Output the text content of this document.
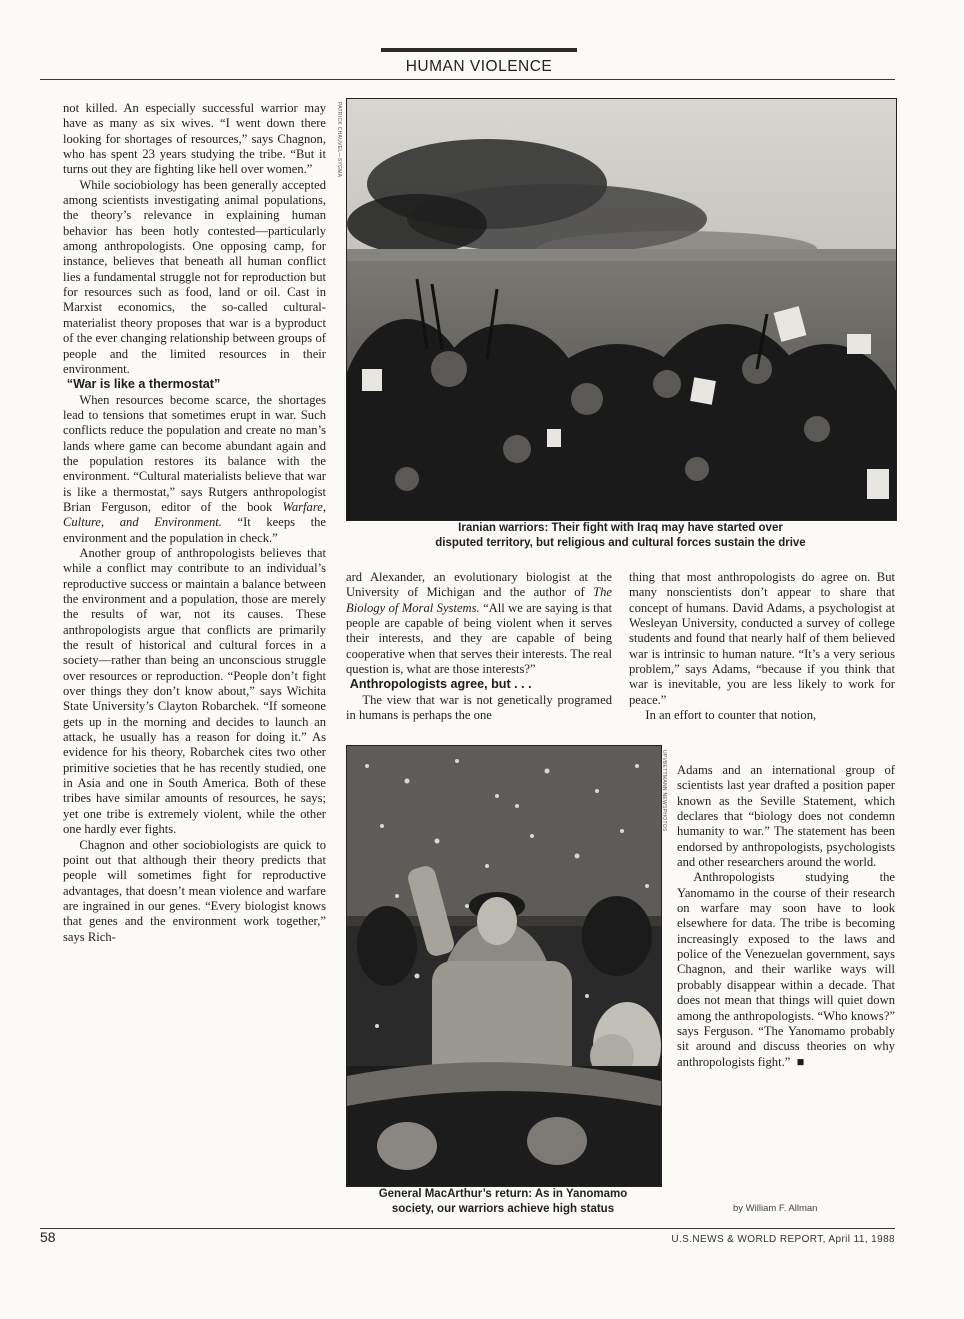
HUMAN VIOLENCE

not killed. An especially successful warrior may have as many as six wives. “I went down there looking for shortages of resources,” says Chagnon, who has spent 23 years studying the tribe. “But it turns out they are fighting like hell over women.”

While sociobiology has been generally accepted among scientists investigating animal populations, the theory’s relevance in explaining human behavior has been hotly contested—particularly among anthropologists. One opposing camp, for instance, believes that beneath all human conflict lies a fundamental struggle not for reproduction but for resources such as food, land or oil. Cast in Marxist economics, the so-called cultural-materialist theory proposes that war is a byproduct of the ever changing relationship between groups of people and the limited resources in their environment.

“War is like a thermostat”

When resources become scarce, the shortages lead to tensions that sometimes erupt in war. Such conflicts reduce the population and create no man’s lands where game can become abundant again and the population restores its balance with the environment. “Cultural materialists believe that war is like a thermostat,” says Rutgers anthropologist Brian Ferguson, editor of the book Warfare, Culture, and Environment. “It keeps the environment and the population in check.”

Another group of anthropologists believes that while a conflict may contribute to an individual’s reproductive success or maintain a balance between the environment and a population, those are merely the results of war, not its causes. These anthropologists argue that conflicts are primarily the result of historical and cultural forces in a society—rather than being an unconscious struggle over resources or reproduction. “People don’t fight over things they don’t know about,” says Wichita State University’s Clayton Robarchek. “If someone gets up in the morning and decides to launch an attack, he usually has a reason for doing it.” As evidence for his theory, Robarchek cites two other primitive societies that he has recently studied, one in Asia and one in South America. Both of these tribes have similar amounts of resources, he says; yet one tribe is extremely violent, while the other one hardly ever fights.

Chagnon and other sociobiologists are quick to point out that although their theory predicts that people will sometimes fight for reproductive advantages, that doesn’t mean violence and warfare are ingrained in our genes. “Every biologist knows that genes and the environment work together,” says Rich-

PATRICK CHAUVEL—SYGMA
Iranian warriors: Their fight with Iraq may have started over
disputed territory, but religious and cultural forces sustain the drive

ard Alexander, an evolutionary biologist at the University of Michigan and the author of The Biology of Moral Systems. “All we are saying is that people are capable of being violent when it serves their interests, and they are capable of being cooperative when that serves their interests. The real question is, what are those interests?”

Anthropologists agree, but . . .

The view that war is not genetically programed in humans is perhaps the one

UPI/BETTMANN NEWSPHOTOS
General MacArthur’s return: As in Yanomamo
society, our warriors achieve high status

thing that most anthropologists do agree on. But many nonscientists don’t appear to share that concept of humans. David Adams, a psychologist at Wesleyan University, conducted a survey of college students and found that nearly half of them believed war is intrinsic to human nature. “It’s a very serious problem,” says Adams, “because if you think that war is inevitable, you are less likely to work for peace.”

In an effort to counter that notion,

Adams and an international group of scientists last year drafted a position paper known as the Seville Statement, which declares that “biology does not condemn humanity to war.” The statement has been endorsed by anthropologists, psychologists and other researchers around the world.

Anthropologists studying the Yanomamo in the course of their research on warfare may soon have to look elsewhere for data. The tribe is becoming increasingly exposed to the laws and police of the Venezuelan government, says Chagnon, and their warlike ways will probably disappear within a decade. That does not mean that things will quiet down among the anthropologists. “Who knows?” says Ferguson. “The Yanomamo probably sit around and discuss theories on why anthropologists fight.” ■

by William F. Allman
58	U.S.NEWS & WORLD REPORT, April 11, 1988
